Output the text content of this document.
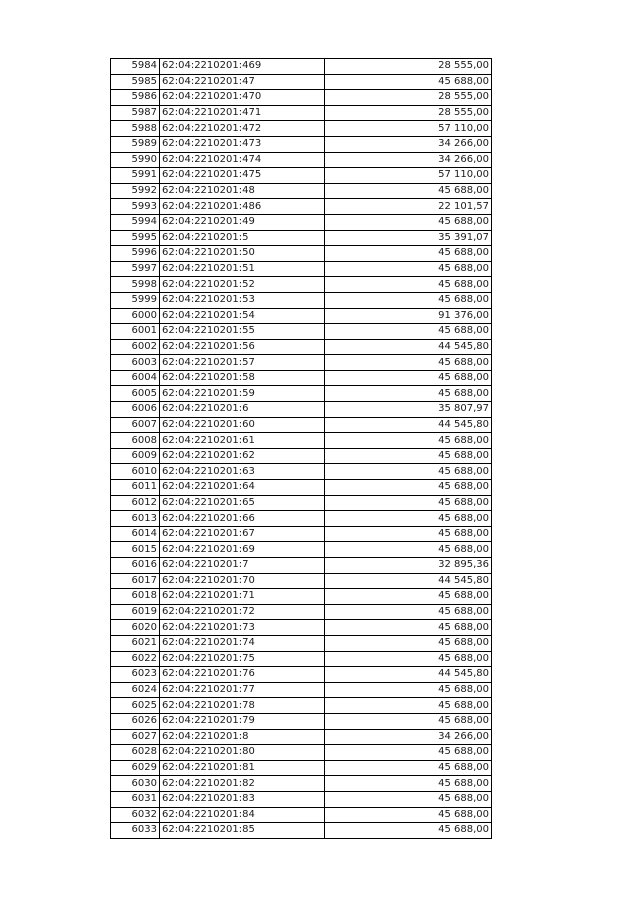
5984	62:04:2210201:469	28 555,00
5985	62:04:2210201:47	45 688,00
5986	62:04:2210201:470	28 555,00
5987	62:04:2210201:471	28 555,00
5988	62:04:2210201:472	57 110,00
5989	62:04:2210201:473	34 266,00
5990	62:04:2210201:474	34 266,00
5991	62:04:2210201:475	57 110,00
5992	62:04:2210201:48	45 688,00
5993	62:04:2210201:486	22 101,57
5994	62:04:2210201:49	45 688,00
5995	62:04:2210201:5	35 391,07
5996	62:04:2210201:50	45 688,00
5997	62:04:2210201:51	45 688,00
5998	62:04:2210201:52	45 688,00
5999	62:04:2210201:53	45 688,00
6000	62:04:2210201:54	91 376,00
6001	62:04:2210201:55	45 688,00
6002	62:04:2210201:56	44 545,80
6003	62:04:2210201:57	45 688,00
6004	62:04:2210201:58	45 688,00
6005	62:04:2210201:59	45 688,00
6006	62:04:2210201:6	35 807,97
6007	62:04:2210201:60	44 545,80
6008	62:04:2210201:61	45 688,00
6009	62:04:2210201:62	45 688,00
6010	62:04:2210201:63	45 688,00
6011	62:04:2210201:64	45 688,00
6012	62:04:2210201:65	45 688,00
6013	62:04:2210201:66	45 688,00
6014	62:04:2210201:67	45 688,00
6015	62:04:2210201:69	45 688,00
6016	62:04:2210201:7	32 895,36
6017	62:04:2210201:70	44 545,80
6018	62:04:2210201:71	45 688,00
6019	62:04:2210201:72	45 688,00
6020	62:04:2210201:73	45 688,00
6021	62:04:2210201:74	45 688,00
6022	62:04:2210201:75	45 688,00
6023	62:04:2210201:76	44 545,80
6024	62:04:2210201:77	45 688,00
6025	62:04:2210201:78	45 688,00
6026	62:04:2210201:79	45 688,00
6027	62:04:2210201:8	34 266,00
6028	62:04:2210201:80	45 688,00
6029	62:04:2210201:81	45 688,00
6030	62:04:2210201:82	45 688,00
6031	62:04:2210201:83	45 688,00
6032	62:04:2210201:84	45 688,00
6033	62:04:2210201:85	45 688,00
